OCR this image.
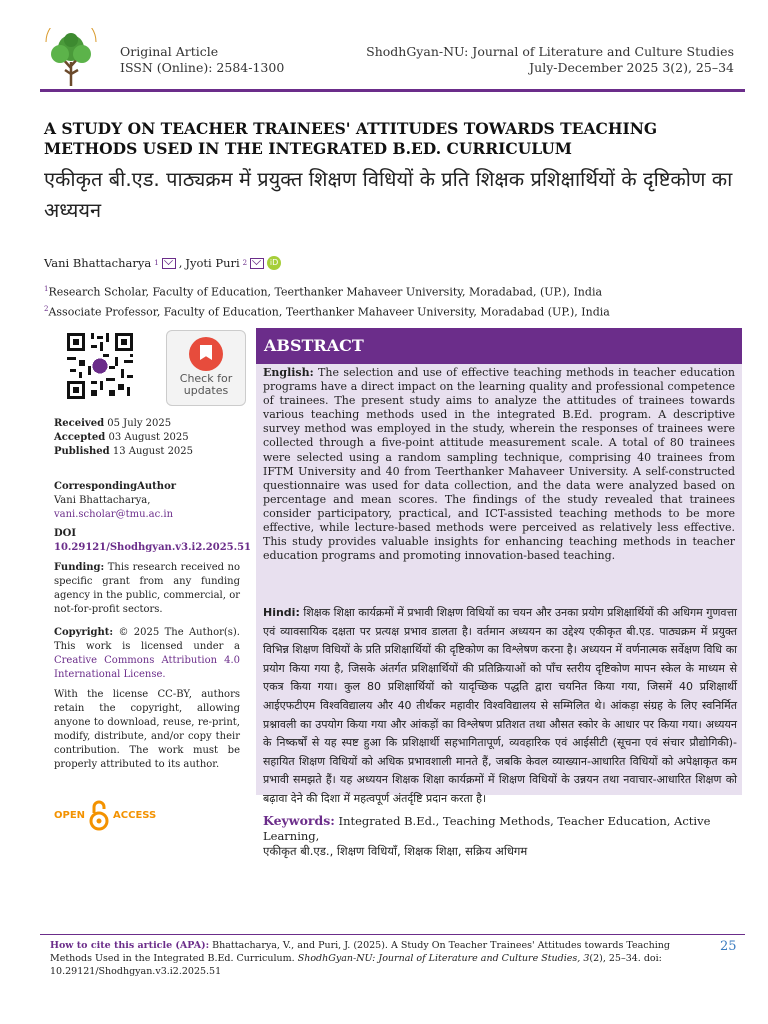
Original Article
ISSN (Online): 2584-1300
ShodhGyan-NU: Journal of Literature and Culture Studies
July-December 2025 3(2), 25–34
A STUDY ON TEACHER TRAINEES' ATTITUDES TOWARDS TEACHING METHODS USED IN THE INTEGRATED B.ED. CURRICULUM
एकीकृत बी.एड. पाठ्यक्रम में प्रयुक्त शिक्षण विधियों के प्रति शिक्षक प्रशिक्षार्थियों के दृष्टिकोण का अध्ययन
Vani Bhattacharya 1 , Jyoti Puri 2	iD
$^1$Research Scholar, Faculty of Education, Teerthanker Mahaveer University, Moradabad, (UP.), India
$^2$Associate Professor, Faculty of Education, Teerthanker Mahaveer University, Moradabad (UP.), India
Check for
updates
Received 05 July 2025
Accepted 03 August 2025
Published 13 August 2025
CorrespondingAuthor
Vani Bhattacharya,
vani.scholar@tmu.ac.in
DOI
10.29121/Shodhgyan.v3.i2.2025.51
Funding: This research received no specific grant from any funding agency in the public, commercial, or not-for-profit sectors.
Copyright: © 2025 The Author(s). This work is licensed under a Creative Commons Attribution 4.0 International License.
With the license CC-BY, authors retain the copyright, allowing anyone to download, reuse, re-print, modify, distribute, and/or copy their contribution. The work must be properly attributed to its author.
OPEN	ACCESS
ABSTRACT
English: The selection and use of effective teaching methods in teacher education programs have a direct impact on the learning quality and professional competence of trainees. The present study aims to analyze the attitudes of trainees towards various teaching methods used in the integrated B.Ed. program. A descriptive survey method was employed in the study, wherein the responses of trainees were collected through a five-point attitude measurement scale. A total of 80 trainees were selected using a random sampling technique, comprising 40 trainees from IFTM University and 40 from Teerthanker Mahaveer University. A self-constructed questionnaire was used for data collection, and the data were analyzed based on percentage and mean scores. The findings of the study revealed that trainees consider participatory, practical, and ICT-assisted teaching methods to be more effective, while lecture-based methods were perceived as relatively less effective. This study provides valuable insights for enhancing teaching methods in teacher education programs and promoting innovation-based teaching.
Hindi: शिक्षक शिक्षा कार्यक्रमों में प्रभावी शिक्षण विधियों का चयन और उनका प्रयोग प्रशिक्षार्थियों की अधिगम गुणवत्ता एवं व्यावसायिक दक्षता पर प्रत्यक्ष प्रभाव डालता है। वर्तमान अध्ययन का उद्देश्य एकीकृत बी.एड. पाठ्यक्रम में प्रयुक्त विभिन्न शिक्षण विधियों के प्रति प्रशिक्षार्थियों की दृष्टिकोण का विश्लेषण करना है। अध्ययन में वर्णनात्मक सर्वेक्षण विधि का प्रयोग किया गया है, जिसके अंतर्गत प्रशिक्षार्थियों की प्रतिक्रियाओं को पाँच स्तरीय दृष्टिकोण मापन स्केल के माध्यम से एकत्र किया गया। कुल 80 प्रशिक्षार्थियों को यादृच्छिक पद्धति द्वारा चयनित किया गया, जिसमें 40 प्रशिक्षार्थी आईएफटीएम विश्वविद्यालय और 40 तीर्थंकर महावीर विश्वविद्यालय से सम्मिलित थे। आंकड़ा संग्रह के लिए स्वनिर्मित प्रश्नावली का उपयोग किया गया और आंकड़ों का विश्लेषण प्रतिशत तथा औसत स्कोर के आधार पर किया गया। अध्ययन के निष्कर्षों से यह स्पष्ट हुआ कि प्रशिक्षार्थी सहभागितापूर्ण, व्यवहारिक एवं आईसीटी (सूचना एवं संचार प्रौद्योगिकी)-सहायित शिक्षण विधियों को अधिक प्रभावशाली मानते हैं, जबकि केवल व्याख्यान-आधारित विधियों को अपेक्षाकृत कम प्रभावी समझते हैं। यह अध्ययन शिक्षक शिक्षा कार्यक्रमों में शिक्षण विधियों के उन्नयन तथा नवाचार-आधारित शिक्षण को बढ़ावा देने की दिशा में महत्वपूर्ण अंतर्दृष्टि प्रदान करता है।
Keywords: Integrated B.Ed., Teaching Methods, Teacher Education, Active Learning,
एकीकृत बी.एड., शिक्षण विधियाँ, शिक्षक शिक्षा, सक्रिय अधिगम
How to cite this article (APA): Bhattacharya, V., and Puri, J. (2025). A Study On Teacher Trainees' Attitudes towards Teaching Methods Used in the Integrated B.Ed. Curriculum. ShodhGyan-NU: Journal of Literature and Culture Studies, 3(2), 25–34. doi: 10.29121/Shodhgyan.v3.i2.2025.51
25
